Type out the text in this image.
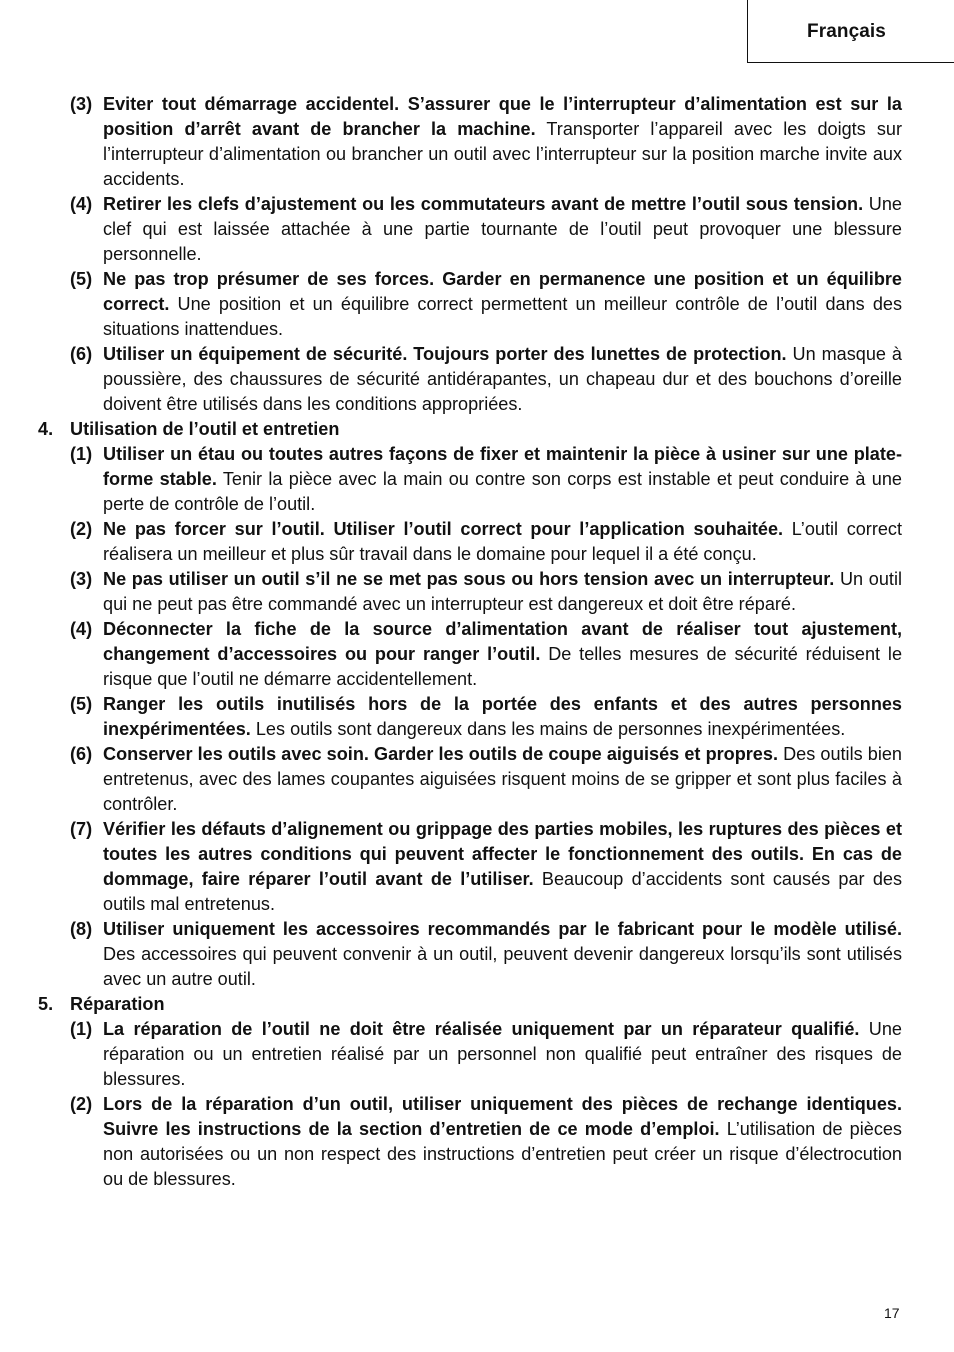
Français
(3) Eviter tout démarrage accidentel. S’assurer que le l’interrupteur d’alimentation est sur la position d’arrêt avant de brancher la machine. Transporter l’appareil avec les doigts sur l’interrupteur d’alimentation ou brancher un outil avec l’interrupteur sur la position marche invite aux accidents.
(4) Retirer les clefs d’ajustement ou les commutateurs avant de mettre l’outil sous tension. Une clef qui est laissée attachée à une partie tournante de l’outil peut provoquer une blessure personnelle.
(5) Ne pas trop présumer de ses forces. Garder en permanence une position et un équilibre correct. Une position et un équilibre correct permettent un meilleur contrôle de l’outil dans des situations inattendues.
(6) Utiliser un équipement de sécurité. Toujours porter des lunettes de protection. Un masque à poussière, des chaussures de sécurité antidérapantes, un chapeau dur et des bouchons d’oreille doivent être utilisés dans les conditions appropriées.
4. Utilisation de l’outil et entretien
(1) Utiliser un étau ou toutes autres façons de fixer et maintenir la pièce à usiner sur une plate-forme stable. Tenir la pièce avec la main ou contre son corps est instable et peut conduire à une perte de contrôle de l’outil.
(2) Ne pas forcer sur l’outil. Utiliser l’outil correct pour l’application souhaitée. L’outil correct réalisera un meilleur et plus sûr travail dans le domaine pour lequel il a été conçu.
(3) Ne pas utiliser un outil s’il ne se met pas sous ou hors tension avec un interrupteur. Un outil qui ne peut pas être commandé avec un interrupteur est dangereux et doit être réparé.
(4) Déconnecter la fiche de la source d’alimentation avant de réaliser tout ajustement, changement d’accessoires ou pour ranger l’outil. De telles mesures de sécurité réduisent le risque que l’outil ne démarre accidentellement.
(5) Ranger les outils inutilisés hors de la portée des enfants et des autres personnes inexpérimentées. Les outils sont dangereux dans les mains de personnes inexpérimentées.
(6) Conserver les outils avec soin. Garder les outils de coupe aiguisés et propres. Des outils bien entretenus, avec des lames coupantes aiguisées risquent moins de se gripper et sont plus faciles à contrôler.
(7) Vérifier les défauts d’alignement ou grippage des parties mobiles, les ruptures des pièces et toutes les autres conditions qui peuvent affecter le fonctionnement des outils. En cas de dommage, faire réparer l’outil avant de l’utiliser. Beaucoup d’accidents sont causés par des outils mal entretenus.
(8) Utiliser uniquement les accessoires recommandés par le fabricant pour le modèle utilisé. Des accessoires qui peuvent convenir à un outil, peuvent devenir dangereux lorsqu’ils sont utilisés avec un autre outil.
5. Réparation
(1) La réparation de l’outil ne doit être réalisée uniquement par un réparateur qualifié. Une réparation ou un entretien réalisé par un personnel non qualifié peut entraîner des risques de blessures.
(2) Lors de la réparation d’un outil, utiliser uniquement des pièces de rechange identiques. Suivre les instructions de la section d’entretien de ce mode d’emploi. L’utilisation de pièces non autorisées ou un non respect des instructions d’entretien peut créer un risque d’électrocution ou de blessures.
17
